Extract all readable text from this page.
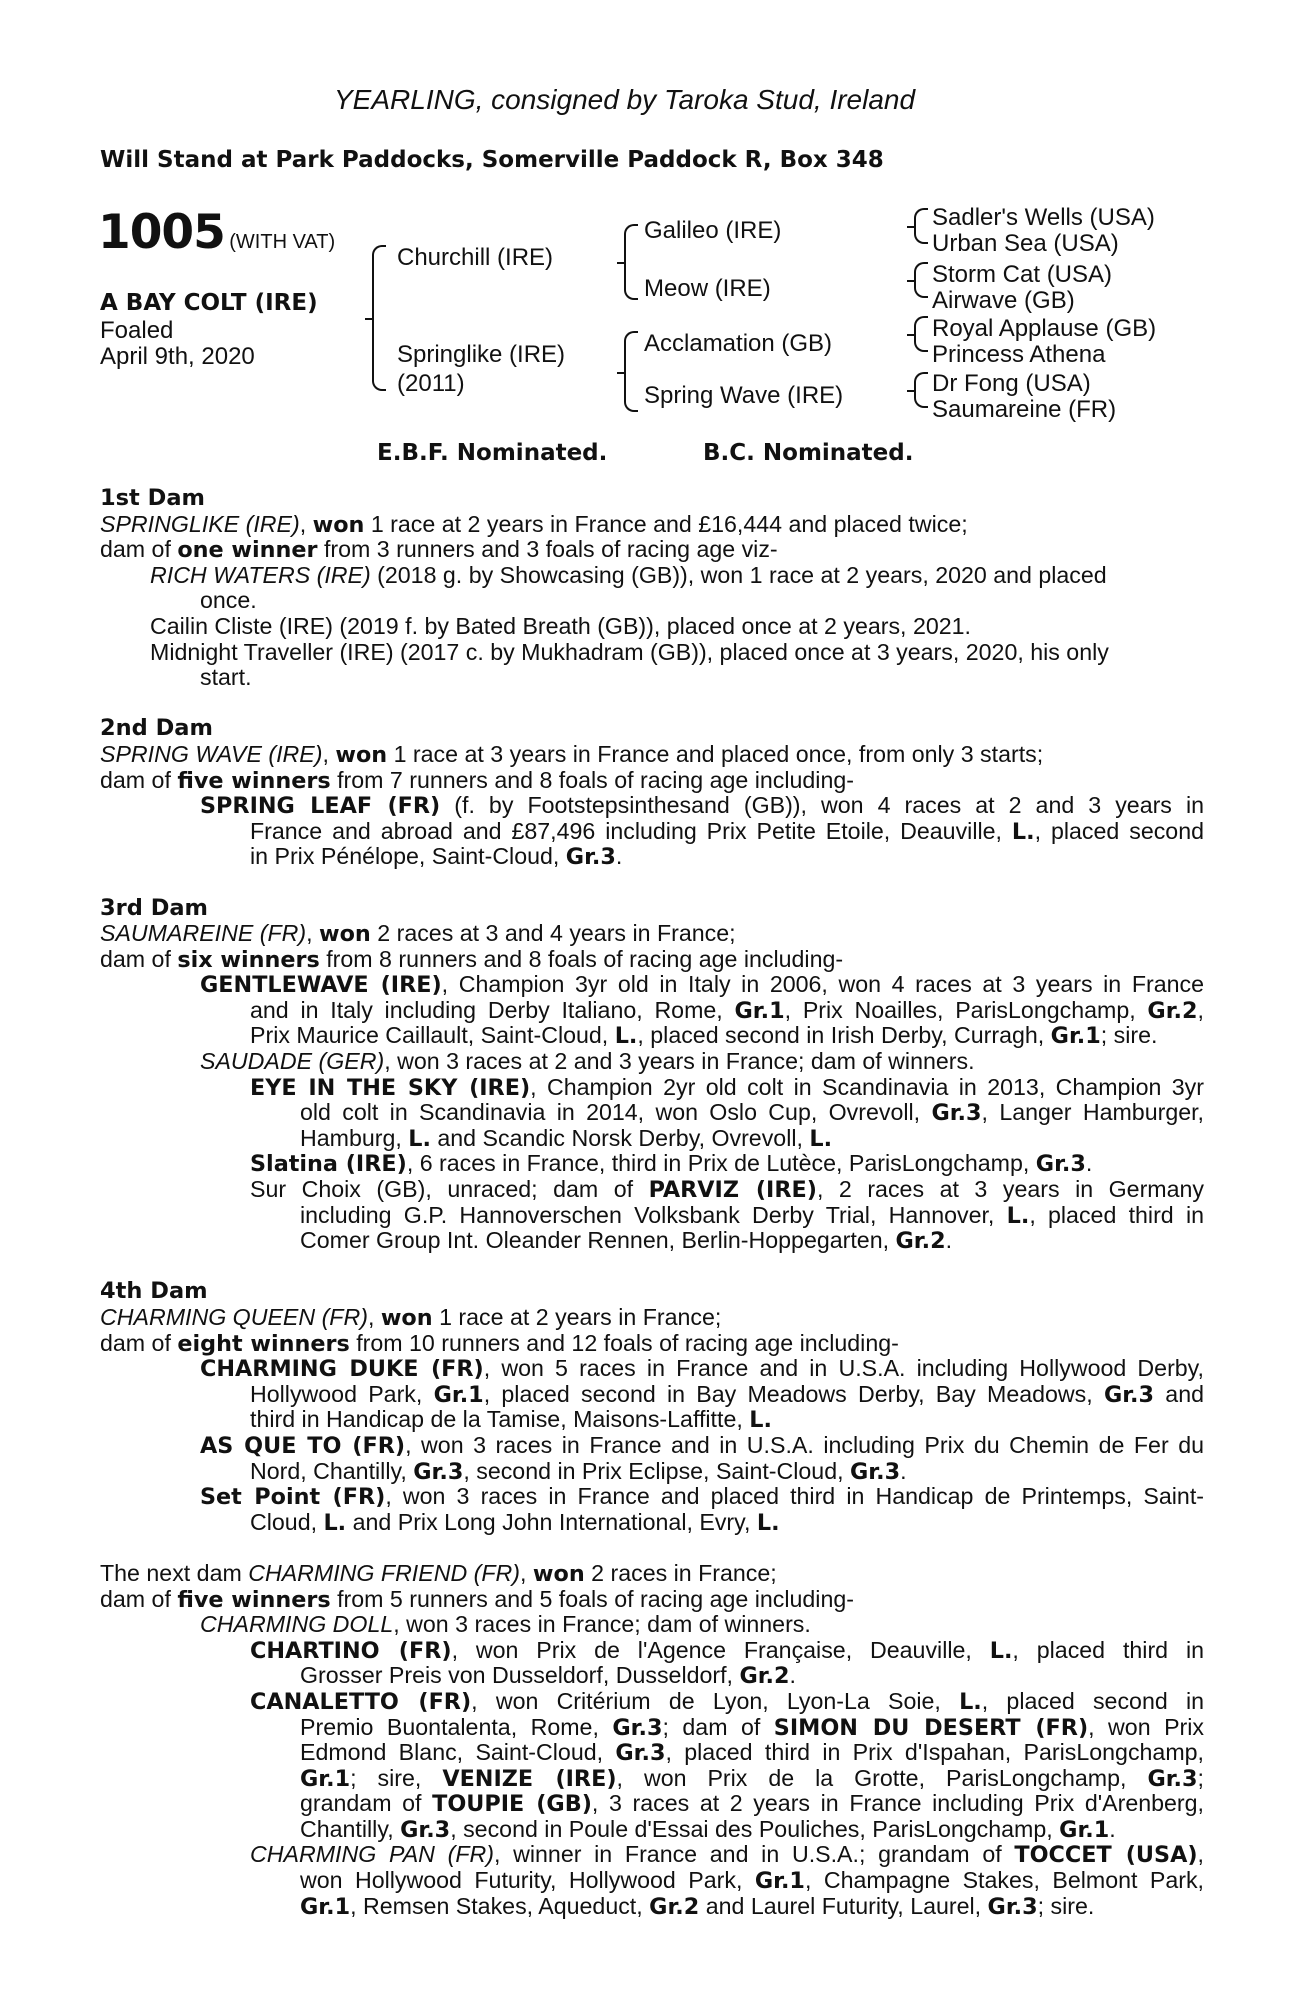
YEARLING, consigned by Taroka Stud, Ireland
Will Stand at Park Paddocks, Somerville Paddock R, Box 348
1005 (WITH VAT)
A BAY COLT (IRE)
Foaled
April 9th, 2020
Churchill (IRE)
Springlike (IRE)
(2011)
Galileo (IRE)
Meow (IRE)
Acclamation (GB)
Spring Wave (IRE)
Sadler's Wells (USA)
Urban Sea (USA)
Storm Cat (USA)
Airwave (GB)
Royal Applause (GB)
Princess Athena
Dr Fong (USA)
Saumareine (FR)
E.B.F. Nominated.	B.C. Nominated.
1st Dam
SPRINGLIKE (IRE), won 1 race at 2 years in France and £16,444 and placed twice;
dam of one winner from 3 runners and 3 foals of racing age viz-
RICH WATERS (IRE) (2018 g. by Showcasing (GB)), won 1 race at 2 years, 2020 and placed
once.
Cailin Cliste (IRE) (2019 f. by Bated Breath (GB)), placed once at 2 years, 2021.
Midnight Traveller (IRE) (2017 c. by Mukhadram (GB)), placed once at 3 years, 2020, his only
start.
2nd Dam
SPRING WAVE (IRE), won 1 race at 3 years in France and placed once, from only 3 starts;
dam of five winners from 7 runners and 8 foals of racing age including-
SPRING LEAF (FR) (f. by Footstepsinthesand (GB)), won 4 races at 2 and 3 years in
France and abroad and £87,496 including Prix Petite Etoile, Deauville, L., placed second
in Prix Pénélope, Saint-Cloud, Gr.3.
3rd Dam
SAUMAREINE (FR), won 2 races at 3 and 4 years in France;
dam of six winners from 8 runners and 8 foals of racing age including-
GENTLEWAVE (IRE), Champion 3yr old in Italy in 2006, won 4 races at 3 years in France
and in Italy including Derby Italiano, Rome, Gr.1, Prix Noailles, ParisLongchamp, Gr.2,
Prix Maurice Caillault, Saint-Cloud, L., placed second in Irish Derby, Curragh, Gr.1; sire.
SAUDADE (GER), won 3 races at 2 and 3 years in France; dam of winners.
EYE IN THE SKY (IRE), Champion 2yr old colt in Scandinavia in 2013, Champion 3yr
old colt in Scandinavia in 2014, won Oslo Cup, Ovrevoll, Gr.3, Langer Hamburger,
Hamburg, L. and Scandic Norsk Derby, Ovrevoll, L.
Slatina (IRE), 6 races in France, third in Prix de Lutèce, ParisLongchamp, Gr.3.
Sur Choix (GB), unraced; dam of PARVIZ (IRE), 2 races at 3 years in Germany
including G.P. Hannoverschen Volksbank Derby Trial, Hannover, L., placed third in
Comer Group Int. Oleander Rennen, Berlin-Hoppegarten, Gr.2.
4th Dam
CHARMING QUEEN (FR), won 1 race at 2 years in France;
dam of eight winners from 10 runners and 12 foals of racing age including-
CHARMING DUKE (FR), won 5 races in France and in U.S.A. including Hollywood Derby,
Hollywood Park, Gr.1, placed second in Bay Meadows Derby, Bay Meadows, Gr.3 and
third in Handicap de la Tamise, Maisons-Laffitte, L.
AS QUE TO (FR), won 3 races in France and in U.S.A. including Prix du Chemin de Fer du
Nord, Chantilly, Gr.3, second in Prix Eclipse, Saint-Cloud, Gr.3.
Set Point (FR), won 3 races in France and placed third in Handicap de Printemps, Saint-
Cloud, L. and Prix Long John International, Evry, L.
The next dam CHARMING FRIEND (FR), won 2 races in France;
dam of five winners from 5 runners and 5 foals of racing age including-
CHARMING DOLL, won 3 races in France; dam of winners.
CHARTINO (FR), won Prix de l'Agence Française, Deauville, L., placed third in
Grosser Preis von Dusseldorf, Dusseldorf, Gr.2.
CANALETTO (FR), won Critérium de Lyon, Lyon-La Soie, L., placed second in
Premio Buontalenta, Rome, Gr.3; dam of SIMON DU DESERT (FR), won Prix
Edmond Blanc, Saint-Cloud, Gr.3, placed third in Prix d'Ispahan, ParisLongchamp,
Gr.1; sire, VENIZE (IRE), won Prix de la Grotte, ParisLongchamp, Gr.3;
grandam of TOUPIE (GB), 3 races at 2 years in France including Prix d'Arenberg,
Chantilly, Gr.3, second in Poule d'Essai des Pouliches, ParisLongchamp, Gr.1.
CHARMING PAN (FR), winner in France and in U.S.A.; grandam of TOCCET (USA),
won Hollywood Futurity, Hollywood Park, Gr.1, Champagne Stakes, Belmont Park,
Gr.1, Remsen Stakes, Aqueduct, Gr.2 and Laurel Futurity, Laurel, Gr.3; sire.
